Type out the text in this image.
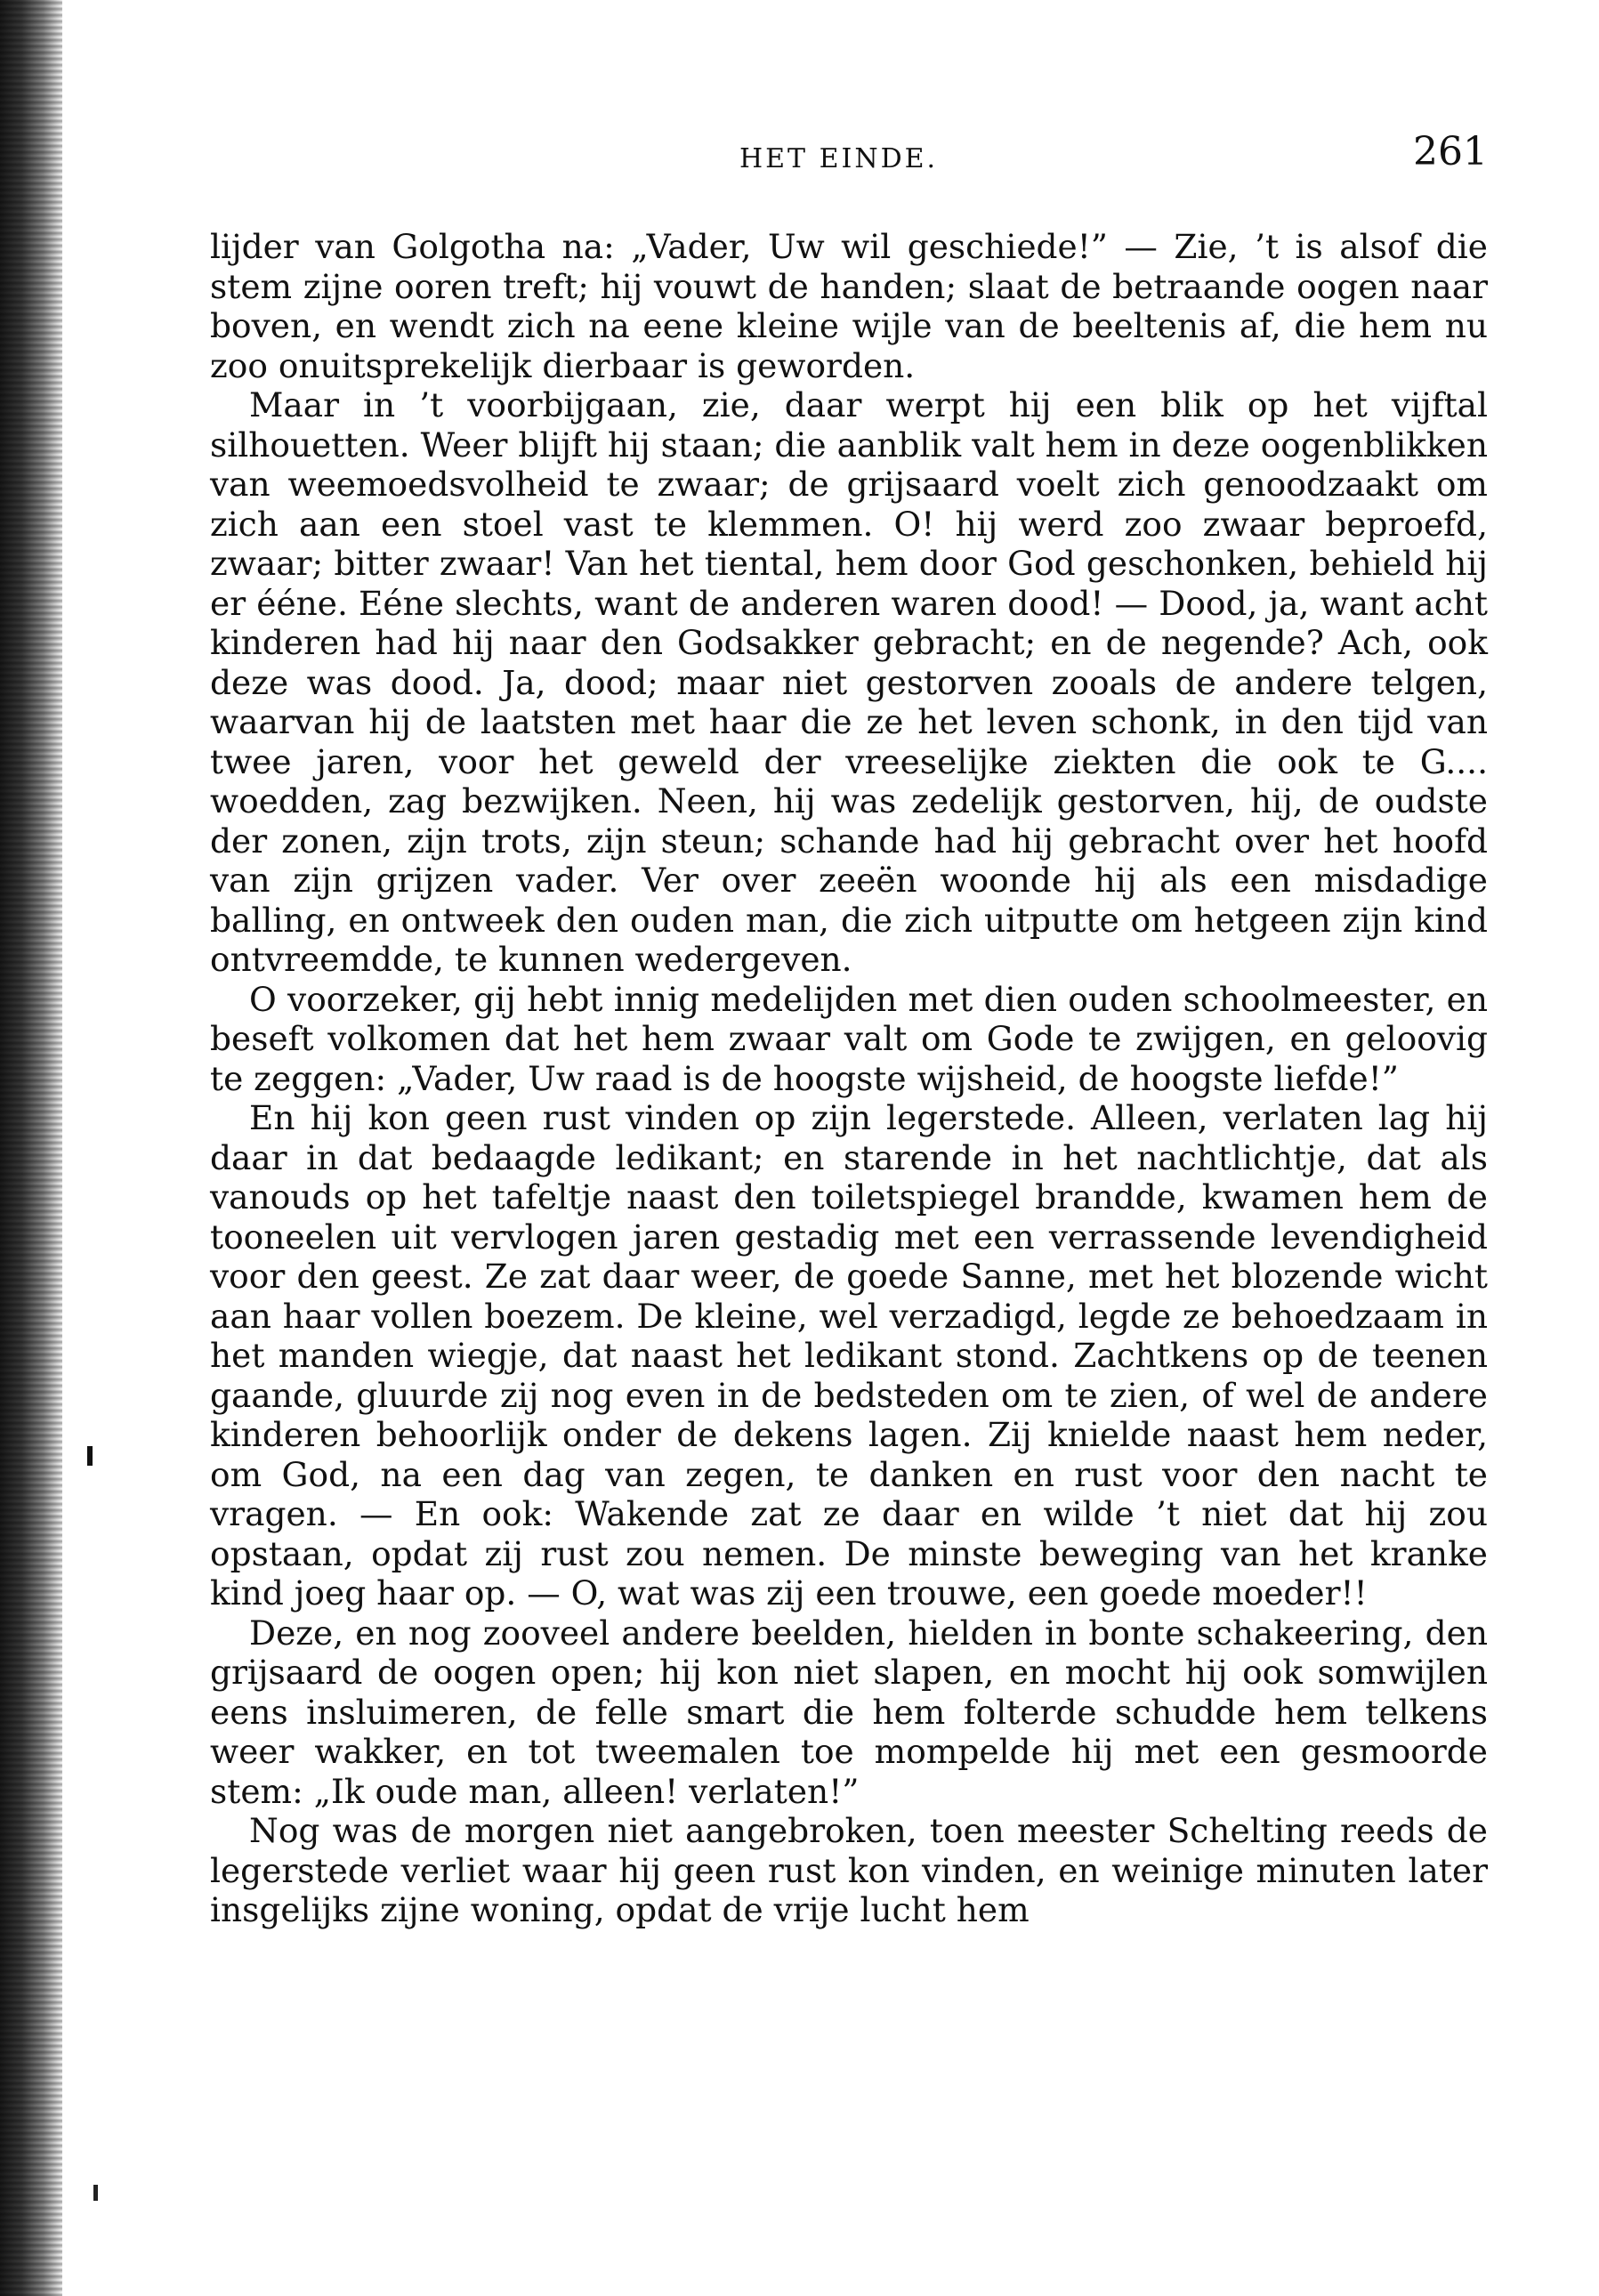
HET EINDE.	261

lijder van Golgotha na: „Vader, Uw wil geschiede!” — Zie, ’t is alsof die stem zijne ooren treft; hij vouwt de handen; slaat de betraande oogen naar boven, en wendt zich na eene kleine wijle van de beeltenis af, die hem nu zoo onuitsprekelijk dierbaar is geworden.

Maar in ’t voorbijgaan, zie, daar werpt hij een blik op het vijftal silhouetten. Weer blijft hij staan; die aanblik valt hem in deze oogenblikken van weemoedsvolheid te zwaar; de grijsaard voelt zich genoodzaakt om zich aan een stoel vast te klemmen. O! hij werd zoo zwaar beproefd, zwaar; bitter zwaar! Van het tiental, hem door God geschonken, behield hij er ééne. Eéne slechts, want de anderen waren dood! — Dood, ja, want acht kinderen had hij naar den Godsakker gebracht; en de negende? Ach, ook deze was dood. Ja, dood; maar niet gestorven zooals de andere telgen, waarvan hij de laatsten met haar die ze het leven schonk, in den tijd van twee jaren, voor het geweld der vreeselijke ziekten die ook te G.... woedden, zag bezwijken. Neen, hij was zedelijk gestorven, hij, de oudste der zonen, zijn trots, zijn steun; schande had hij gebracht over het hoofd van zijn grijzen vader. Ver over zeeën woonde hij als een misdadige balling, en ontweek den ouden man, die zich uitputte om hetgeen zijn kind ontvreemdde, te kunnen wedergeven.

O voorzeker, gij hebt innig medelijden met dien ouden schoolmeester, en beseft volkomen dat het hem zwaar valt om Gode te zwijgen, en geloovig te zeggen: „Vader, Uw raad is de hoogste wijsheid, de hoogste liefde!”

En hij kon geen rust vinden op zijn legerstede. Alleen, verlaten lag hij daar in dat bedaagde ledikant; en starende in het nachtlichtje, dat als vanouds op het tafeltje naast den toiletspiegel brandde, kwamen hem de tooneelen uit vervlogen jaren gestadig met een verrassende levendigheid voor den geest. Ze zat daar weer, de goede Sanne, met het blozende wicht aan haar vollen boezem. De kleine, wel verzadigd, legde ze behoedzaam in het manden wiegje, dat naast het ledikant stond. Zachtkens op de teenen gaande, gluurde zij nog even in de bedsteden om te zien, of wel de andere kinderen behoorlijk onder de dekens lagen. Zij knielde naast hem neder, om God, na een dag van zegen, te danken en rust voor den nacht te vragen. — En ook: Wakende zat ze daar en wilde ’t niet dat hij zou opstaan, opdat zij rust zou nemen. De minste beweging van het kranke kind joeg haar op. — O, wat was zij een trouwe, een goede moeder!!

Deze, en nog zooveel andere beelden, hielden in bonte schakeering, den grijsaard de oogen open; hij kon niet slapen, en mocht hij ook somwijlen eens insluimeren, de felle smart die hem folterde schudde hem telkens weer wakker, en tot tweemalen toe mompelde hij met een gesmoorde stem: „Ik oude man, alleen! verlaten!”

Nog was de morgen niet aangebroken, toen meester Schelting reeds de legerstede verliet waar hij geen rust kon vinden, en weinige minuten later insgelijks zijne woning, opdat de vrije lucht hem
